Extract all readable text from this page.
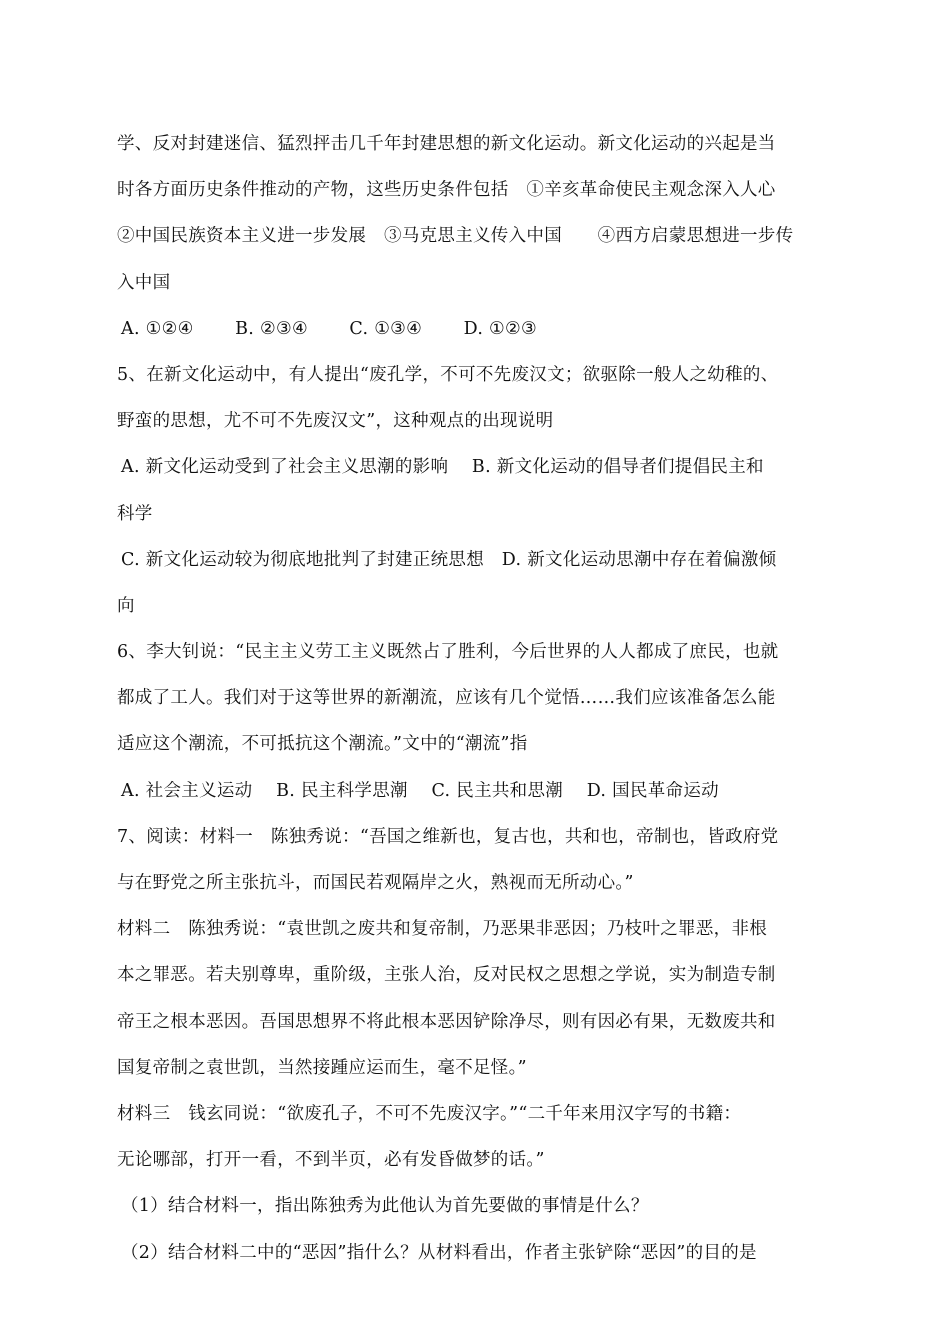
学、反对封建迷信、猛烈抨击几千年封建思想的新文化运动。新文化运动的兴起是当
时各方面历史条件推动的产物，这些历史条件包括　①辛亥革命使民主观念深入人心
②中国民族资本主义进一步发展　③马克思主义传入中国　　④西方启蒙思想进一步传
入中国
A. ①②④　　 B. ②③④　　 C. ①③④　　 D. ①②③
5、在新文化运动中，有人提出“废孔学，不可不先废汉文；欲驱除一般人之幼稚的、
野蛮的思想，尤不可不先废汉文”，这种观点的出现说明
A. 新文化运动受到了社会主义思潮的影响　 B. 新文化运动的倡导者们提倡民主和
科学
C. 新文化运动较为彻底地批判了封建正统思想　D. 新文化运动思潮中存在着偏激倾
向
6、李大钊说：“民主主义劳工主义既然占了胜利，今后世界的人人都成了庶民，也就
都成了工人。我们对于这等世界的新潮流，应该有几个觉悟……我们应该准备怎么能
适应这个潮流，不可抵抗这个潮流。”文中的“潮流”指
A. 社会主义运动　 B. 民主科学思潮　 C. 民主共和思潮　 D. 国民革命运动
7、阅读：材料一　陈独秀说：“吾国之维新也，复古也，共和也，帝制也，皆政府党
与在野党之所主张抗斗，而国民若观隔岸之火，熟视而无所动心。”
材料二　陈独秀说：“袁世凯之废共和复帝制，乃恶果非恶因；乃枝叶之罪恶，非根
本之罪恶。若夫别尊卑，重阶级，主张人治，反对民权之思想之学说，实为制造专制
帝王之根本恶因。吾国思想界不将此根本恶因铲除净尽，则有因必有果，无数废共和
国复帝制之袁世凯，当然接踵应运而生，毫不足怪。”
材料三　钱玄同说：“欲废孔子，不可不先废汉字。”“二千年来用汉字写的书籍：
无论哪部，打开一看，不到半页，必有发昏做梦的话。”
（1）结合材料一，指出陈独秀为此他认为首先要做的事情是什么？
（2）结合材料二中的“恶因”指什么？从材料看出，作者主张铲除“恶因”的目的是
